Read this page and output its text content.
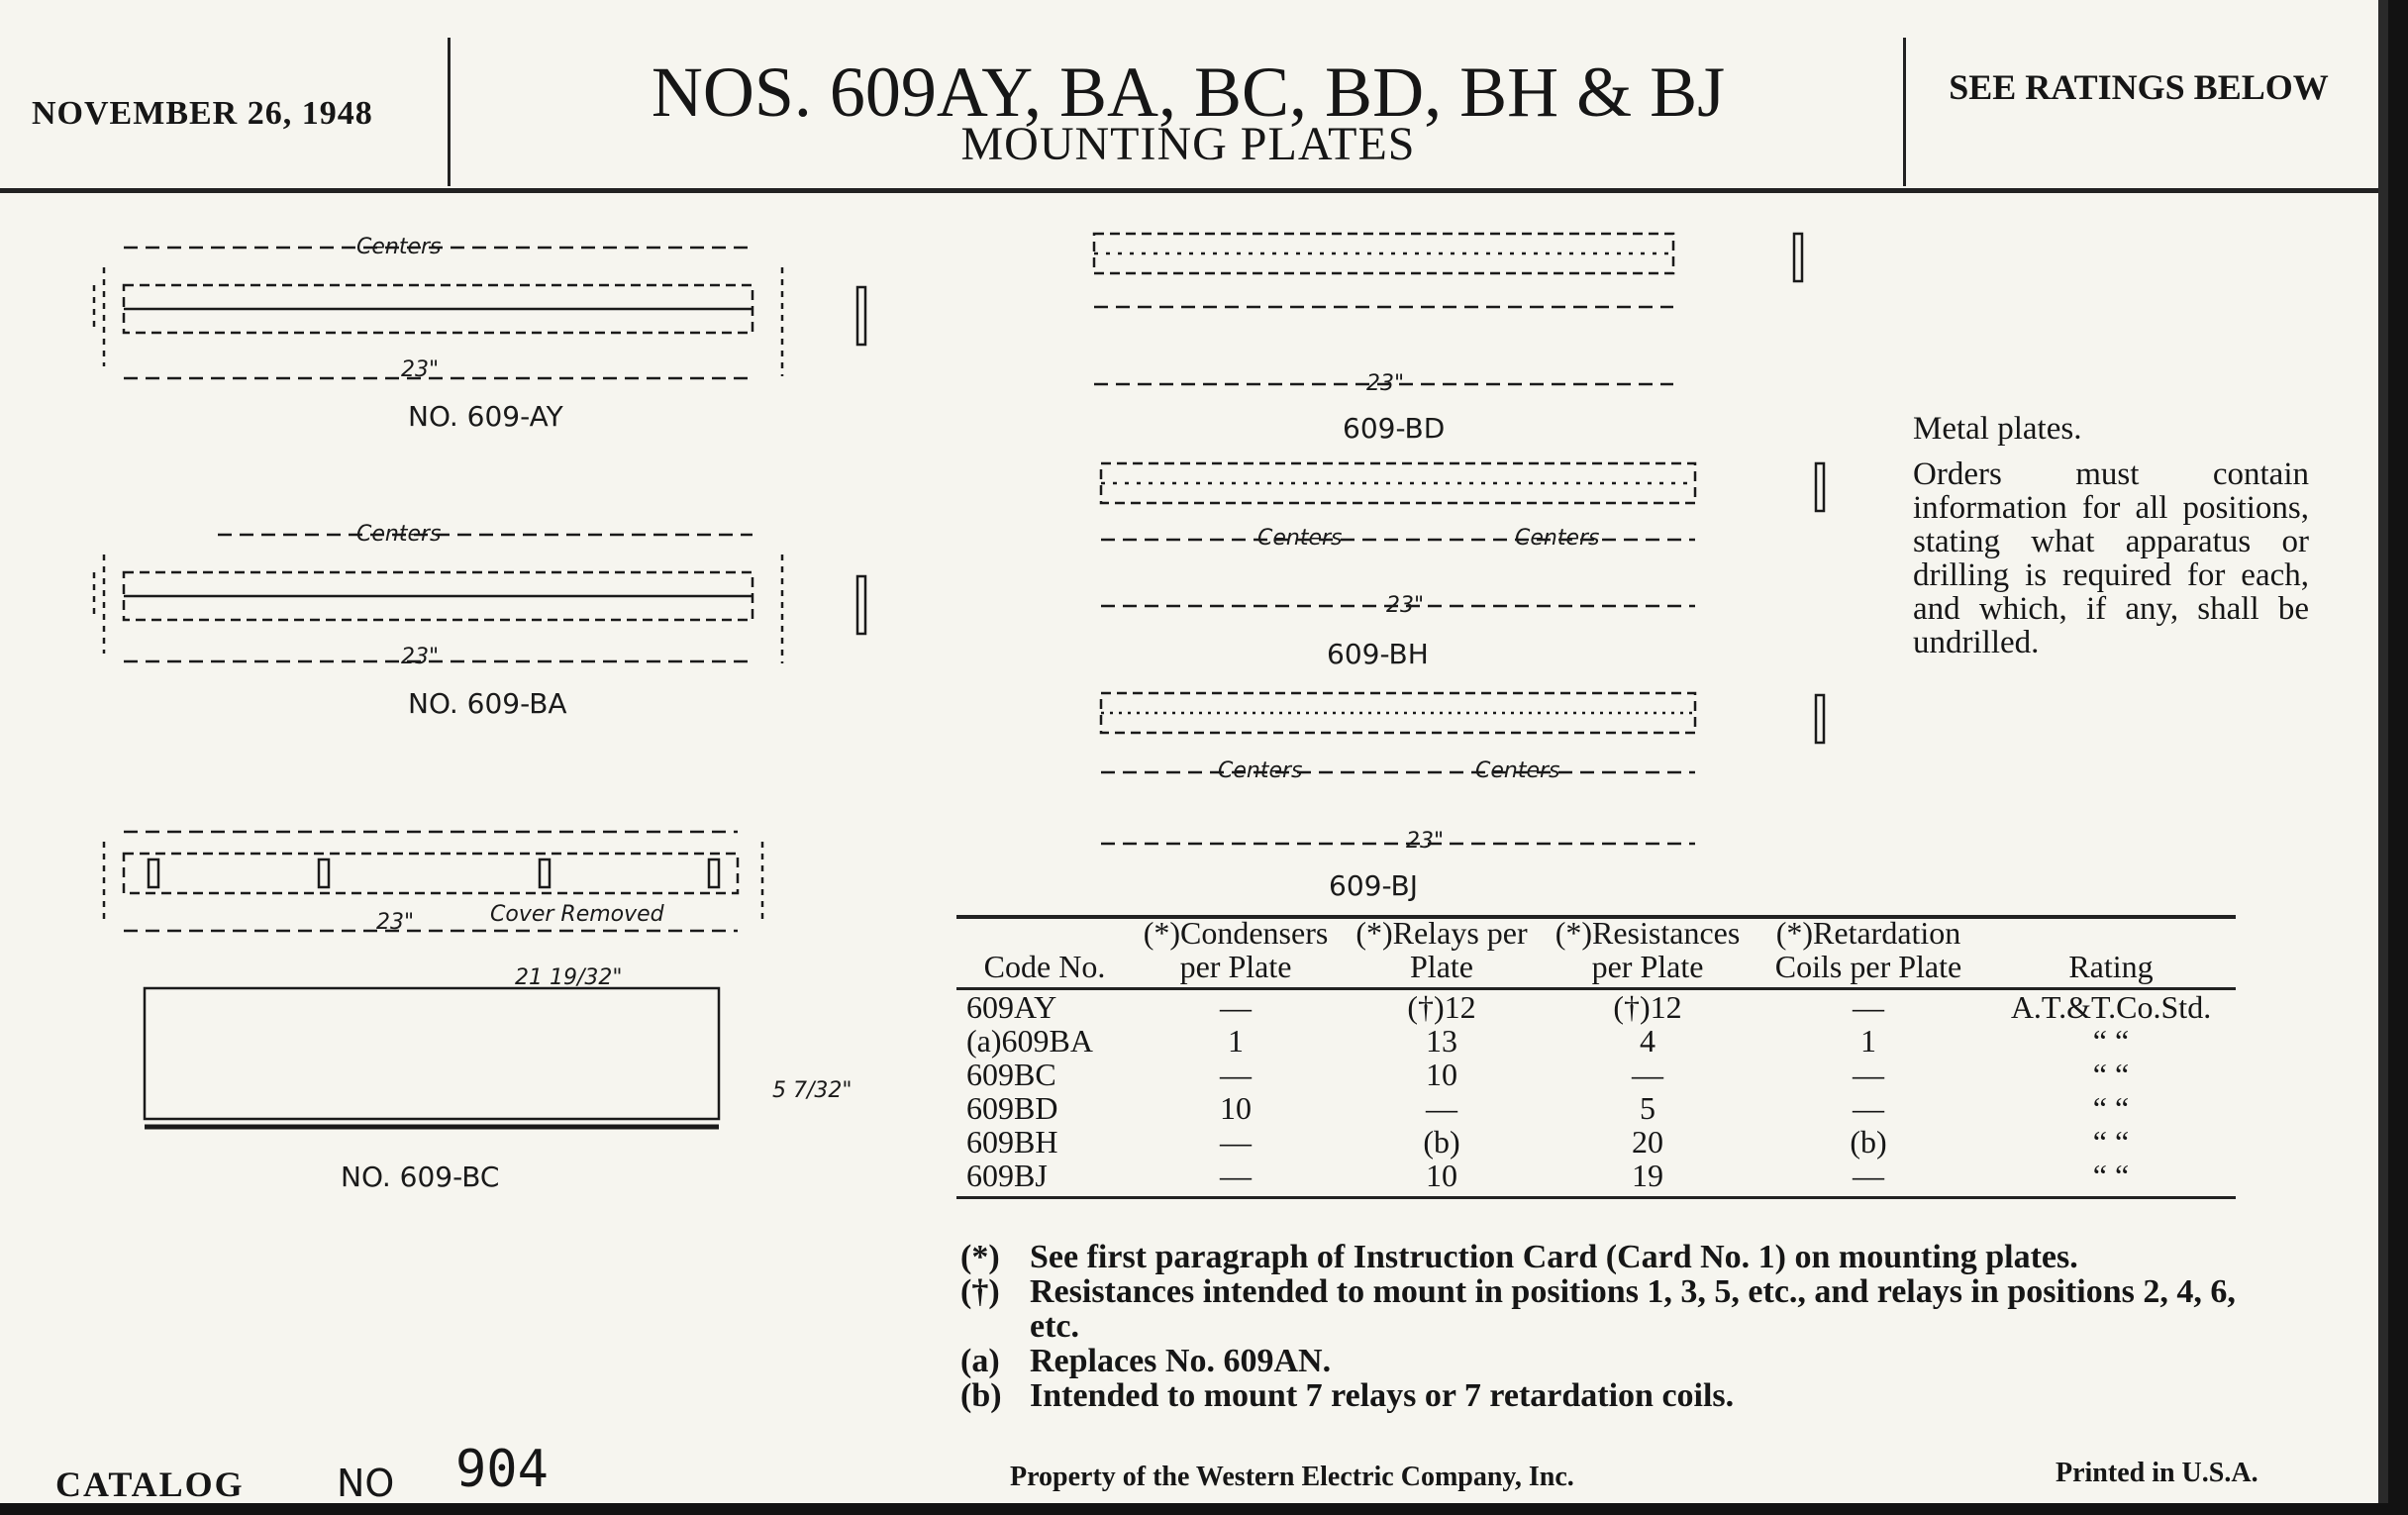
NOVEMBER 26, 1948	NOS. 609AY, BA, BC, BD, BH & BJ
MOUNTING PLATES
SEE RATINGS BELOW
Centers
23"
Centers
23"
23"	Cover Removed
21 19/32"
5 7/32"
23"
Centers	Centers
23"
Centers	Centers
23"
NO. 609-AY
NO. 609-BA
NO. 609-BC
609-BD
609-BH
609-BJ

Metal plates.

Orders must contain information for all positions, stating what apparatus or drilling is required for each, and which, if any, shall be undrilled.

Code No.	(*)Condensers per Plate	(*)Relays per Plate	(*)Resistances per Plate	(*)Retardation Coils per Plate	Rating
609AY	—	(†)12	(†)12	—	A.T.&T.Co.Std.
(a)609BA	1	13	4	1	“ “
609BC	—	10	—	—	“ “
609BD	10	—	5	—	“ “
609BH	—	(b)	20	(b)	“ “
609BJ	—	10	19	—	“ “
(*) See first paragraph of Instruction Card (Card No. 1) on mounting plates.
(†) Resistances intended to mount in positions 1, 3, 5, etc., and relays in positions 2, 4, 6, etc.
(a) Replaces No. 609AN.
(b) Intended to mount 7 relays or 7 retardation coils.
CATALOG NO 904	Property of the Western Electric Company, Inc.	Printed in U.S.A.
